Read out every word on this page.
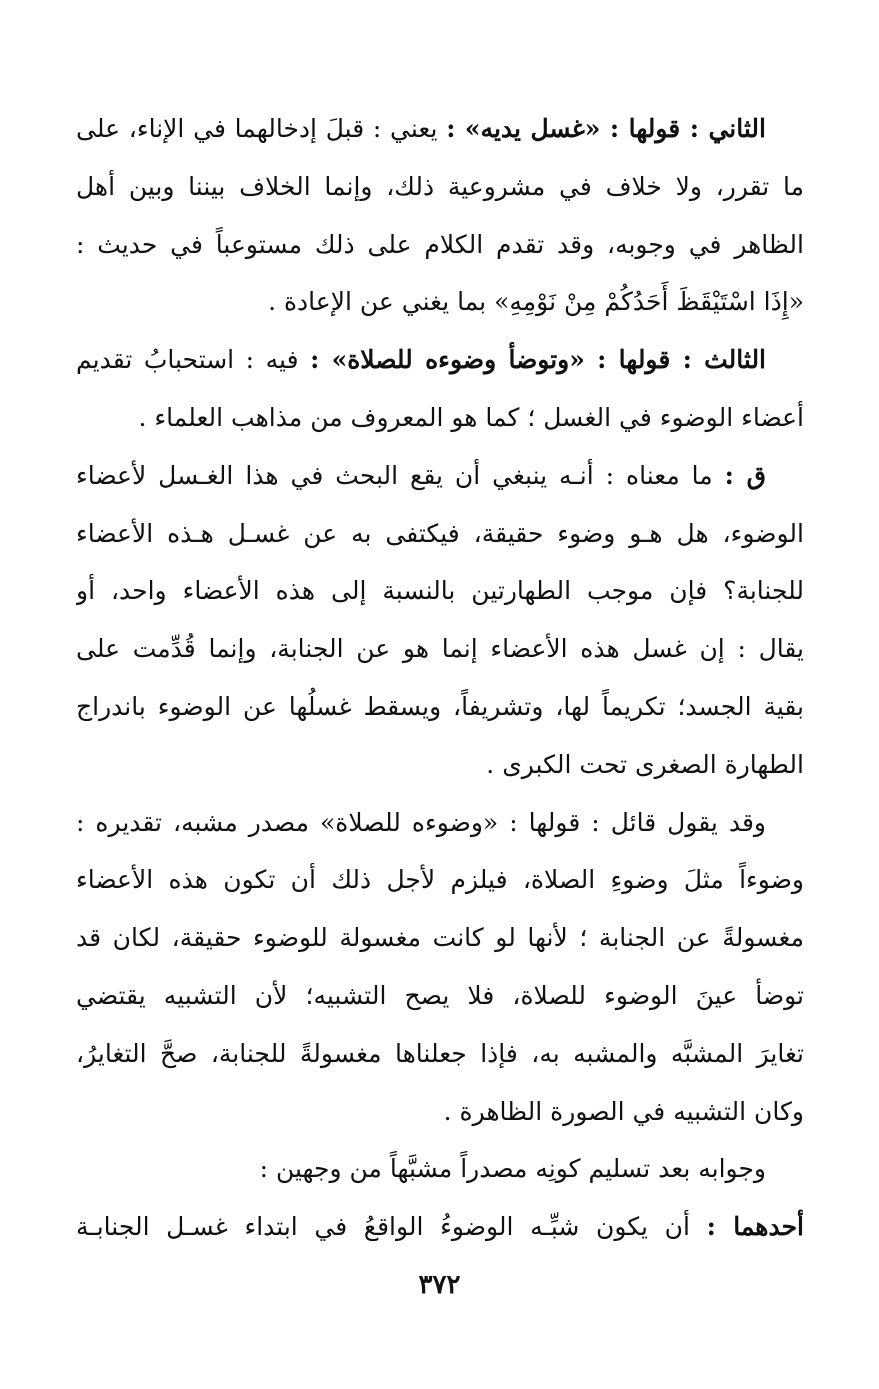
الثاني : قولها : «غسل يديه» : يعني : قبلَ إدخالهما في الإناء، على
ما تقرر، ولا خلاف في مشروعية ذلك، وإنما الخلاف بيننا وبين أهل
الظاهر في وجوبه، وقد تقدم الكلام على ذلك مستوعباً في حديث :
«إِذَا اسْتَيْقَظَ أَحَدُكُمْ مِنْ نَوْمِهِ» بما يغني عن الإعادة .
الثالث : قولها : «وتوضأ وضوءه للصلاة» : فيه : استحبابُ تقديم
أعضاء الوضوء في الغسل ؛ كما هو المعروف من مذاهب العلماء .
ق : ما معناه : أنـه ينبغي أن يقع البحث في هذا الغـسل لأعضاء
الوضوء، هل هـو وضوء حقيقة، فيكتفى به عن غسـل هـذه الأعضاء
للجنابة؟ فإن موجب الطهارتين بالنسبة إلى هذه الأعضاء واحد، أو
يقال : إن غسل هذه الأعضاء إنما هو عن الجنابة، وإنما قُدِّمت على
بقية الجسد؛ تكريماً لها، وتشريفاً، ويسقط غسلُها عن الوضوء باندراج
الطهارة الصغرى تحت الكبرى .
وقد يقول قائل : قولها : «وضوءه للصلاة» مصدر مشبه، تقديره :
وضوءاً مثلَ وضوءِ الصلاة، فيلزم لأجل ذلك أن تكون هذه الأعضاء
مغسولةً عن الجنابة ؛ لأنها لو كانت مغسولة للوضوء حقيقة، لكان قد
توضأ عينَ الوضوء للصلاة، فلا يصح التشبيه؛ لأن التشبيه يقتضي
تغايرَ المشبَّه والمشبه به، فإذا جعلناها مغسولةً للجنابة، صحَّ التغايرُ،
وكان التشبيه في الصورة الظاهرة .
وجوابه بعد تسليم كونِه مصدراً مشبَّهاً من وجهين :
أحدهما : أن يكون شبِّـه الوضوءُ الواقعُ في ابتداء غسـل الجنابـة
٣٧٢
